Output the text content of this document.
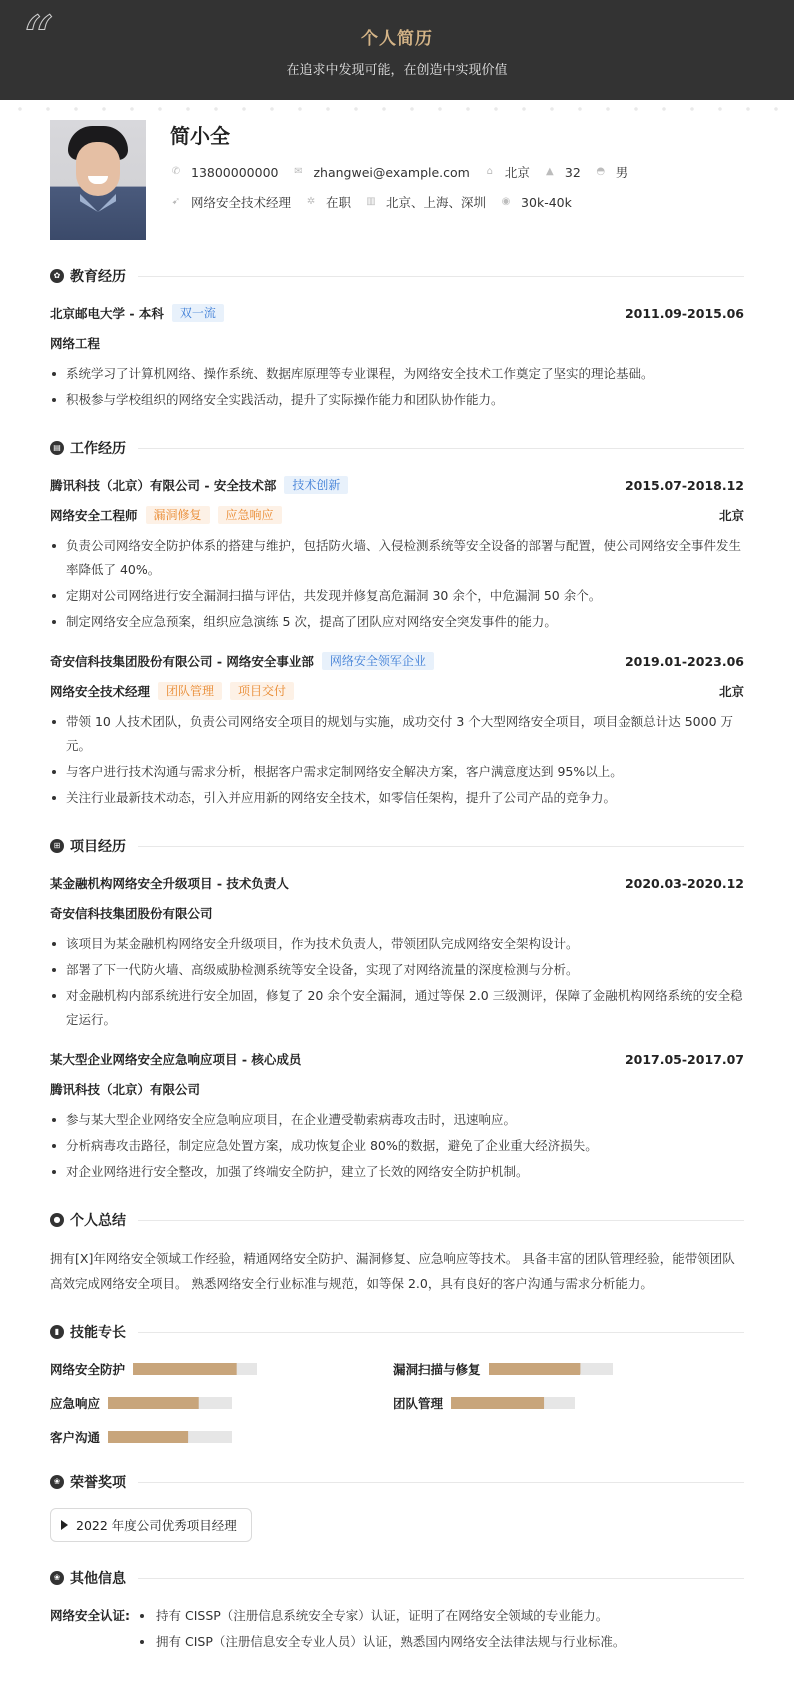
“	个人简历
在追求中发现可能，在创造中实现价值
简小全
✆ 13800000000 ✉ zhangwei@example.com ⌂ 北京 ▲ 32 ◓ 男
➹ 网络安全技术经理 ✲ 在职 ▥ 北京、上海、深圳 ◉ 30k-40k
✿ 教育经历
北京邮电大学 - 本科	双一流	2011.09-2015.06
网络工程
系统学习了计算机网络、操作系统、数据库原理等专业课程，为网络安全技术工作奠定了坚实的理论基础。
积极参与学校组织的网络安全实践活动，提升了实际操作能力和团队协作能力。
▤ 工作经历
腾讯科技（北京）有限公司 - 安全技术部	技术创新	2015.07-2018.12
网络安全工程师	漏洞修复	应急响应	北京
负责公司网络安全防护体系的搭建与维护，包括防火墙、入侵检测系统等安全设备的部署与配置，使公司网络安全事件发生率降低了 40%。
定期对公司网络进行安全漏洞扫描与评估，共发现并修复高危漏洞 30 余个，中危漏洞 50 余个。
制定网络安全应急预案，组织应急演练 5 次，提高了团队应对网络安全突发事件的能力。
奇安信科技集团股份有限公司 - 网络安全事业部	网络安全领军企业	2019.01-2023.06
网络安全技术经理	团队管理	项目交付	北京
带领 10 人技术团队，负责公司网络安全项目的规划与实施，成功交付 3 个大型网络安全项目，项目金额总计达 5000 万元。
与客户进行技术沟通与需求分析，根据客户需求定制网络安全解决方案，客户满意度达到 95%以上。
关注行业最新技术动态，引入并应用新的网络安全技术，如零信任架构，提升了公司产品的竞争力。
⊞ 项目经历
某金融机构网络安全升级项目 - 技术负责人	2020.03-2020.12
奇安信科技集团股份有限公司
该项目为某金融机构网络安全升级项目，作为技术负责人，带领团队完成网络安全架构设计。
部署了下一代防火墙、高级威胁检测系统等安全设备，实现了对网络流量的深度检测与分析。
对金融机构内部系统进行安全加固，修复了 20 余个安全漏洞，通过等保 2.0 三级测评，保障了金融机构网络系统的安全稳定运行。
某大型企业网络安全应急响应项目 - 核心成员	2017.05-2017.07
腾讯科技（北京）有限公司
参与某大型企业网络安全应急响应项目，在企业遭受勒索病毒攻击时，迅速响应。
分析病毒攻击路径，制定应急处置方案，成功恢复企业 80%的数据，避免了企业重大经济损失。
对企业网络进行安全整改，加强了终端安全防护，建立了长效的网络安全防护机制。
● 个人总结
拥有[X]年网络安全领域工作经验，精通网络安全防护、漏洞修复、应急响应等技术。 具备丰富的团队管理经验，能带领团队高效完成网络安全项目。 熟悉网络安全行业标准与规范，如等保 2.0，具有良好的客户沟通与需求分析能力。
▮ 技能专长
网络安全防护	漏洞扫描与修复
应急响应	团队管理
客户沟通
❀ 荣誉奖项
2022 年度公司优秀项目经理
❀ 其他信息
网络安全认证:	持有 CISSP（注册信息系统安全专家）认证，证明了在网络安全领域的专业能力。
拥有 CISP（注册信息安全专业人员）认证，熟悉国内网络安全法律法规与行业标准。
